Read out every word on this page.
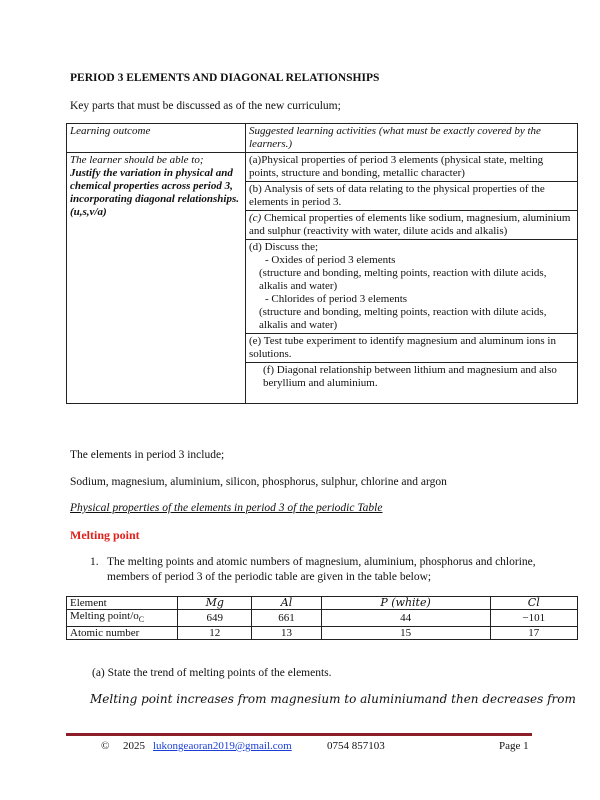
PERIOD 3 ELEMENTS AND DIAGONAL RELATIONSHIPS
Key parts that must be discussed as of the new curriculum;
Learning outcome	Suggested learning activities (what must be exactly covered by the learners.)

The learner should be able to;
Justify the variation in physical and chemical properties across period 3, incorporating diagonal relationships. (u,s,v/a)	(a)Physical properties of period 3 elements (physical state, melting points, structure and bonding, metallic character)
	(b) Analysis of sets of data relating to the physical properties of the elements in period 3.
	(c) Chemical properties of elements like sodium, magnesium, aluminium and sulphur (reactivity with water, dilute acids and alkalis)

	(d) Discuss the;
- Oxides of period 3 elements
(structure and bonding, melting points, reaction with dilute acids, alkalis and water)
- Chlorides of period 3 elements
(structure and bonding, melting points, reaction with dilute acids, alkalis and water)

	(e) Test tube experiment to identify magnesium and aluminum ions in solutions.

	(f) Diagonal relationship between lithium and magnesium and also beryllium and aluminium.
The elements in period 3 include;
Sodium, magnesium, aluminium, silicon, phosphorus, sulphur, chlorine and argon
Physical properties of the elements in period 3 of the periodic Table
Melting point
1. The melting points and atomic numbers of magnesium, aluminium, phosphorus and chlorine, members of period 3 of the periodic table are given in the table below;
Element	Mg	Al	P (white)	Cl
Melting point/$o_C$	649	661	44	−101
Atomic number	12	13	15	17
(a) State the trend of melting points of the elements.
Melting point increases from magnesium to aluminiumand then decreases from
© 2025 lukongeaoran2019@gmail.com	0754 857103	Page 1
